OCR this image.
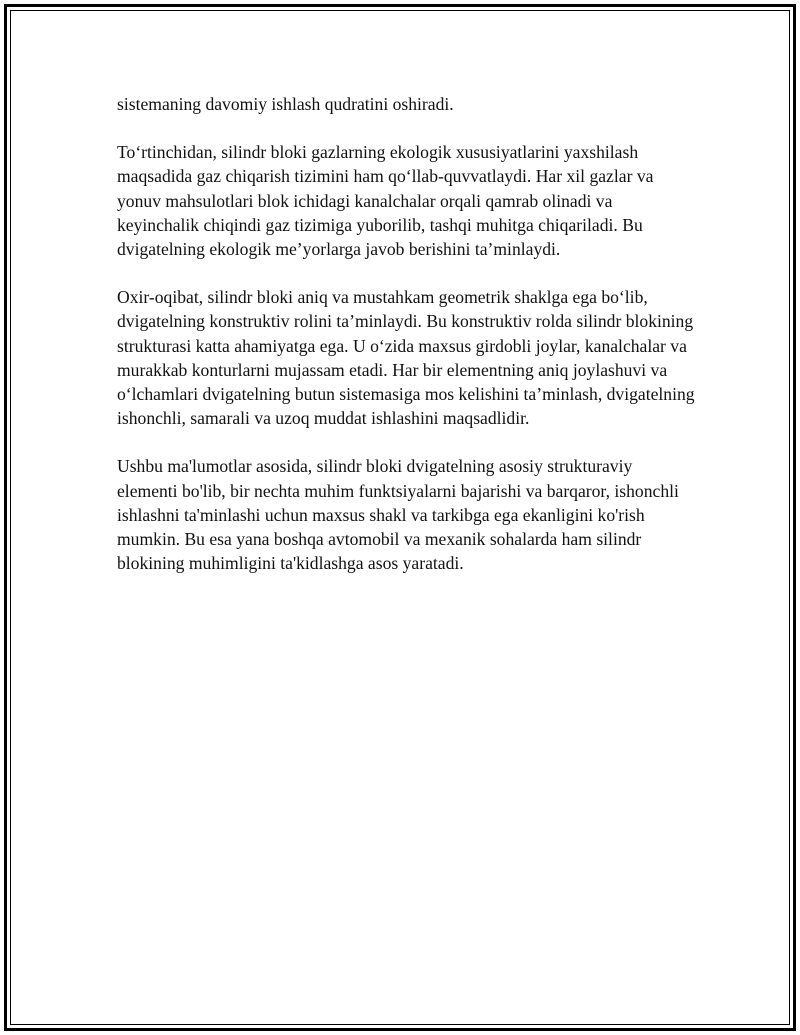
sistemaning davomiy ishlash qudratini oshiradi.

To‘rtinchidan, silindr bloki gazlarning ekologik xususiyatlarini yaxshilash maqsadida gaz chiqarish tizimini ham qo‘llab-quvvatlaydi. Har xil gazlar va yonuv mahsulotlari blok ichidagi kanalchalar orqali qamrab olinadi va keyinchalik chiqindi gaz tizimiga yuborilib, tashqi muhitga chiqariladi. Bu dvigatelning ekologik me’yorlarga javob berishini ta’minlaydi.

Oxir-oqibat, silindr bloki aniq va mustahkam geometrik shaklga ega bo‘lib, dvigatelning konstruktiv rolini ta’minlaydi. Bu konstruktiv rolda silindr blokining strukturasi katta ahamiyatga ega. U o‘zida maxsus girdobli joylar, kanalchalar va murakkab konturlarni mujassam etadi. Har bir elementning aniq joylashuvi va o‘lchamlari dvigatelning butun sistemasiga mos kelishini ta’minlash, dvigatelning ishonchli, samarali va uzoq muddat ishlashini maqsadlidir.

Ushbu ma'lumotlar asosida, silindr bloki dvigatelning asosiy strukturaviy elementi bo'lib, bir nechta muhim funktsiyalarni bajarishi va barqaror, ishonchli ishlashni ta'minlashi uchun maxsus shakl va tarkibga ega ekanligini ko'rish mumkin. Bu esa yana boshqa avtomobil va mexanik sohalarda ham silindr blokining muhimligini ta'kidlashga asos yaratadi.
